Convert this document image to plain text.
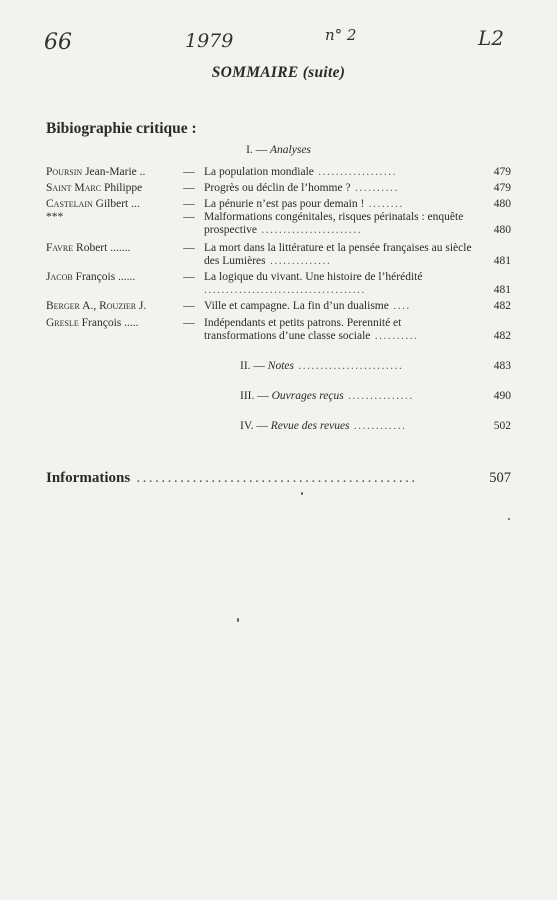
66	1979	n° 2	L2
SOMMAIRE (suite)
Bibiographie critique :
I. — Analyses
Poursin Jean-Marie ..	— La population mondiale ..................	479
Saint Marc Philippe	— Progrès ou déclin de l’homme ? ..........	479
Castelain Gilbert ...	— La pénurie n’est pas pour demain ! ........	480
***	— Malformations congénitales, risques périnatals : enquête prospective .......................	480
Favre Robert .......	— La mort dans la littérature et la pensée françaises au siècle des Lumières ..............	481
Jacob François ......	— La logique du vivant. Une histoire de l’hérédité .....................................	481
Berger A., Rouzier J.	— Ville et campagne. La fin d’un dualisme ....	482
Gresle François .....	— Indépendants et petits patrons. Perennité et transformations d’une classe sociale ..........	482
II. — Notes ........................	483
III. — Ouvrages reçus ...............	490
IV. — Revue des revues ............	502
Informations .............................................	507
